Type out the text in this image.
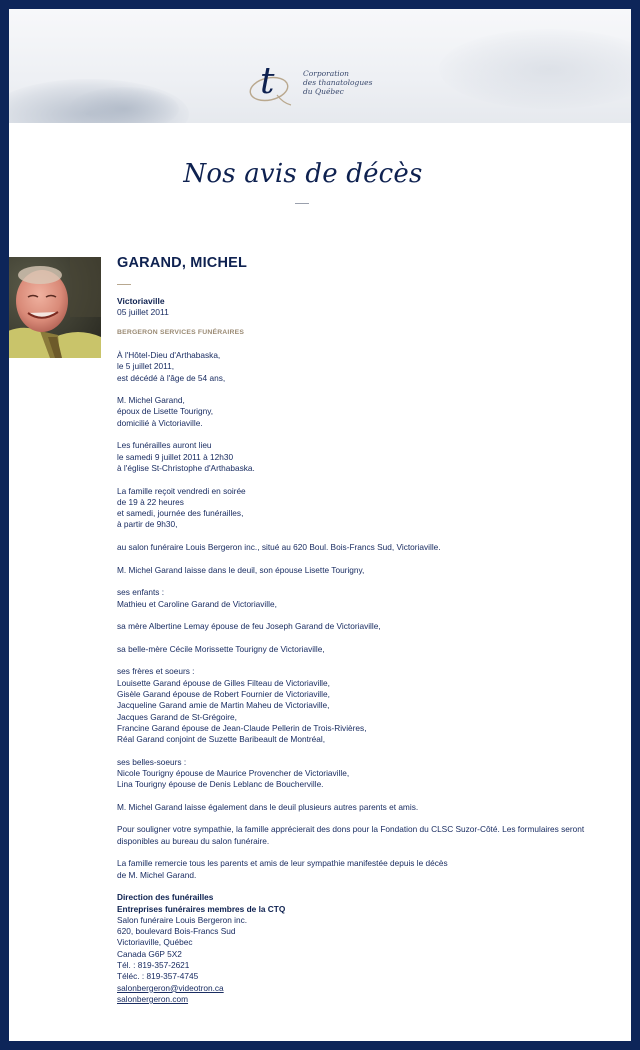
t	Corporation
des thanatologues
du Québec
Nos avis de décès
GARAND, MICHEL
Victoriaville
05 juillet 2011
BERGERON SERVICES FUNÉRAIRES

À l'Hôtel-Dieu d'Arthabaska,
le 5 juillet 2011,
est décédé à l'âge de 54 ans,

M. Michel Garand,
époux de Lisette Tourigny,
domicilié à Victoriaville.

Les funérailles auront lieu
le samedi 9 juillet 2011 à 12h30
à l'église St-Christophe d'Arthabaska.

La famille reçoit vendredi en soirée
de 19 à 22 heures
et samedi, journée des funérailles,
à partir de 9h30,

au salon funéraire Louis Bergeron inc., situé au 620 Boul. Bois-Francs Sud, Victoriaville.

M. Michel Garand laisse dans le deuil, son épouse Lisette Tourigny,

ses enfants :
Mathieu et Caroline Garand de Victoriaville,

sa mère Albertine Lemay épouse de feu Joseph Garand de Victoriaville,

sa belle-mère Cécile Morissette Tourigny de Victoriaville,

ses frères et soeurs :
Louisette Garand épouse de Gilles Filteau de Victoriaville,
Gisèle Garand épouse de Robert Fournier de Victoriaville,
Jacqueline Garand amie de Martin Maheu de Victoriaville,
Jacques Garand de St-Grégoire,
Francine Garand épouse de Jean-Claude Pellerin de Trois-Rivières,
Réal Garand conjoint de Suzette Baribeault de Montréal,

ses belles-soeurs :
Nicole Tourigny épouse de Maurice Provencher de Victoriaville,
Lina Tourigny épouse de Denis Leblanc de Boucherville.

M. Michel Garand laisse également dans le deuil plusieurs autres parents et amis.

Pour souligner votre sympathie, la famille apprécierait des dons pour la Fondation du CLSC Suzor-Côté. Les formulaires seront disponibles au bureau du salon funéraire.

La famille remercie tous les parents et amis de leur sympathie manifestée depuis le décès
de M. Michel Garand.

Direction des funérailles
Entreprises funéraires membres de la CTQ
Salon funéraire Louis Bergeron inc.
620, boulevard Bois-Francs Sud
Victoriaville, Québec
Canada G6P 5X2
Tél. : 819-357-2621
Téléc. : 819-357-4745
salonbergeron@videotron.ca
salonbergeron.com
